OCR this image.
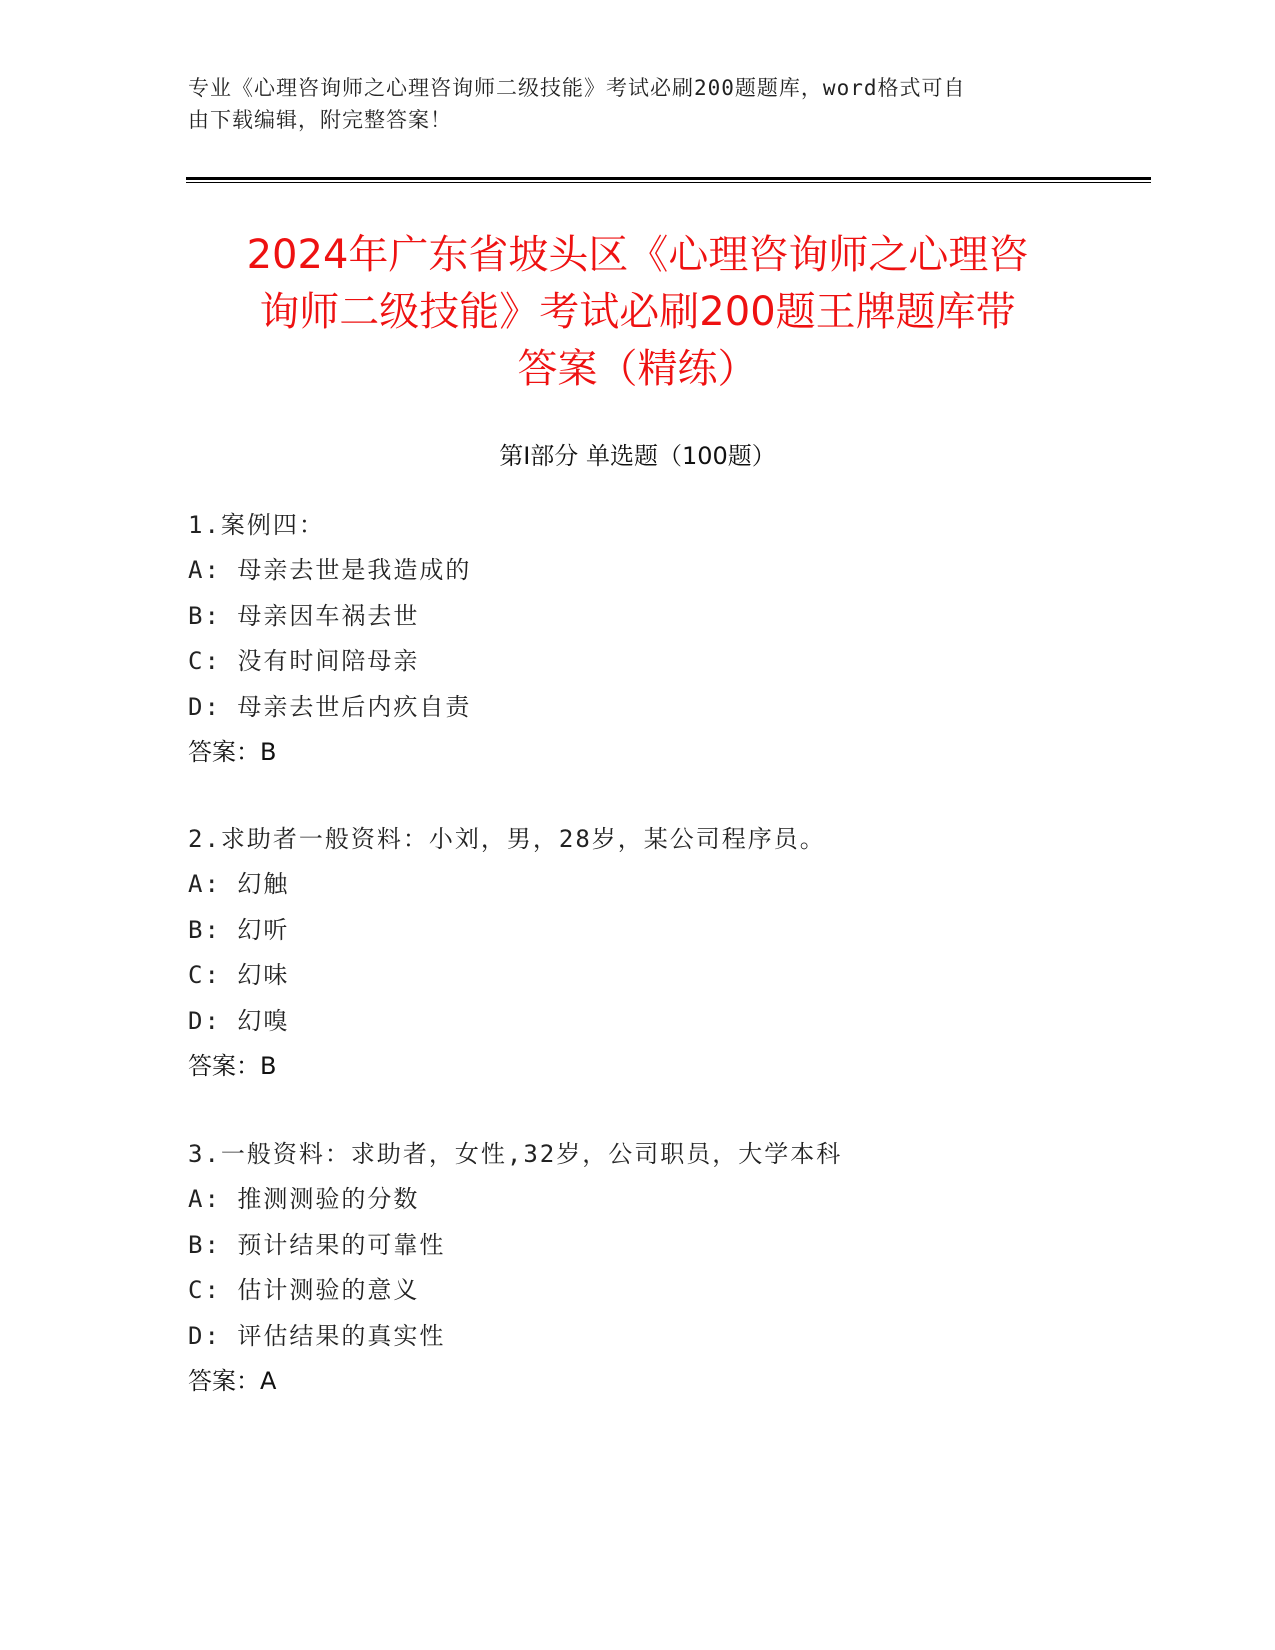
专业《心理咨询师之心理咨询师二级技能》考试必刷200题题库，word格式可自
由下载编辑，附完整答案！
2024年广东省坡头区《心理咨询师之心理咨
询师二级技能》考试必刷200题王牌题库带
答案（精练）
第Ⅰ部分 单选题（100题）
1.案例四：
A: 母亲去世是我造成的
B: 母亲因车祸去世
C: 没有时间陪母亲
D: 母亲去世后内疚自责
答案：B
2.求助者一般资料：小刘，男，28岁，某公司程序员。
A: 幻触
B: 幻听
C: 幻味
D: 幻嗅
答案：B
3.一般资料：求助者，女性,32岁，公司职员，大学本科
A: 推测测验的分数
B: 预计结果的可靠性
C: 估计测验的意义
D: 评估结果的真实性
答案：A
